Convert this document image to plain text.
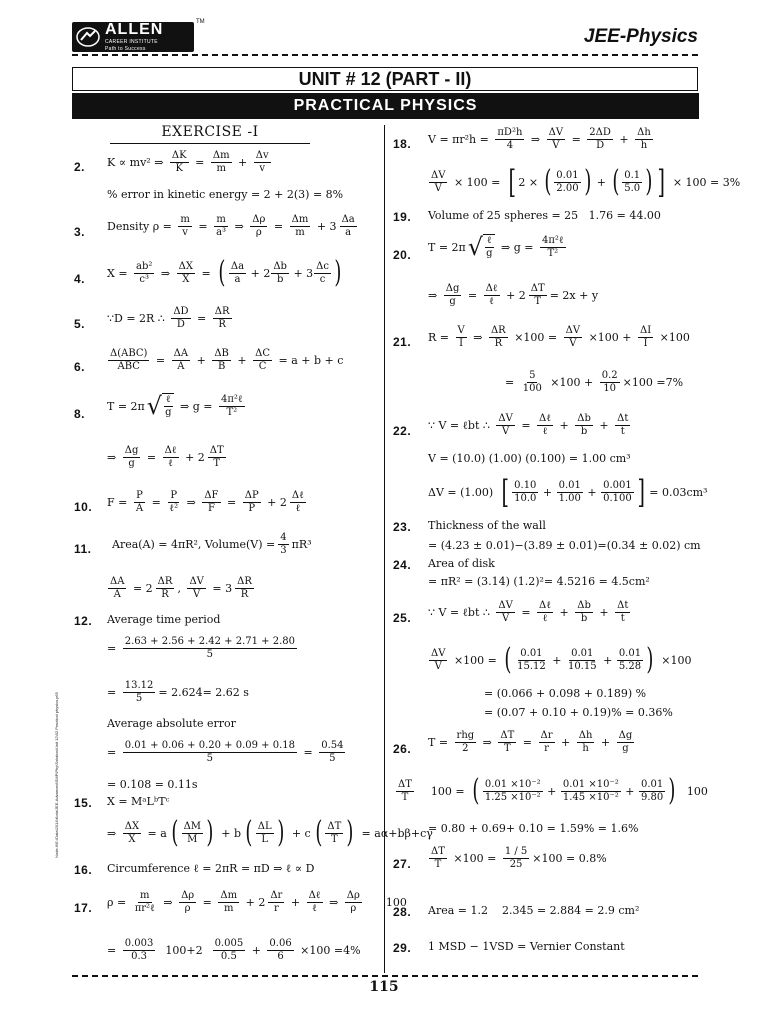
ALLEN
CAREER INSTITUTE
Path to Success
TM
JEE-Physics
UNIT # 12 (PART - II)
PRACTICAL PHYSICS
EXERCISE -I
2. K ∝ mv² ⇒ $\frac{\Delta K}{K} = \frac{\Delta m}{m} + \frac{\Delta v}{v}$
% error in kinetic energy = 2 + 2(3) = 8%
3. Density $\rho = \frac{m}{v} = \frac{m}{\text{a³}}$ ⇒ $\frac{\Delta\rho}{\rho} = \frac{\Delta m}{m} + 3$
Δa
a
4. $X = \frac{\text{ab²}}{\text{c³}}$ ⇒ $\frac{\Delta X}{X}$ =
( Δa
a + 2
Δb
b + 3
Δc
c
)
5. ∵D = 2R ∴ $\frac{\Delta D}{D} = \frac{\Delta R}{R}$
6.
Δ(ABC)
ABC = $\frac{\Delta A}{A} + \frac{\Delta B}{B} + \frac{\Delta C}{C} = a + b + c$
8.
T = 2π √ ℓ
g ⇒ g =
4π²ℓ
T²
⇒ $\frac{\Delta g}{g}$ =
Δℓ
ℓ + 2
ΔT
T
10. $F = \frac{P}{A}$ =
P
ℓ² ⇒ $\frac{\Delta F}{F} = \frac{\Delta P}{P} + 2$
Δℓ
ℓ
11. Area(A) = 4πR², Volume(V) = $\frac{4}{3} \pi R^3$
$\frac{\Delta A}{A} = 2$
ΔR
R , $\frac{\Delta V}{V} = 3$
ΔR
R
12. Average time period
= $\frac{2.63 + 2.56 + 2.42 + 2.71 + 2.80}{5}$
= $\frac{13.12}{5} = 2.624= 2.62$ s
Average absolute error
= $\frac{0.01 + 0.06 + 0.20 + 0.09 + 0.18}{5} = \frac{0.54}{5}$
= 0.108 = 0.11s
15. X = MᵃLᵇTᶜ
⇒ $\frac{\Delta X}{X} = a$
( ΔM
M
) + b
( ΔL
L
) + c
( ΔT
T
) = aα+bβ+cγ
16. Circumference ℓ = 2πR = πD ⇒ ℓ ∝ D
17. ρ =
m
πr²ℓ ⇒ $\frac{\Delta\rho}{\rho} = \frac{\Delta m}{m} + 2$
Δr
r +
Δℓ
ℓ ⇒
Δρ
ρ 100
= $\frac{0.003}{0.3} 100+2$
0.005
$0.5 + \frac{0.06}{6} \times 100 =4\%$
18. $V = \pi r^2h = \frac{\text{πD²h}}{4}$ ⇒ $\frac{\Delta V}{V} = \frac{2\Delta D}{D} + \frac{\Delta h}{h}$
$\frac{\Delta V}{V} \times 100$ =
[ 2 ×
( 0.01
2.00
) +
( 0.1
5.0
)
]	× 100 = 3%
19. Volume of 25 spheres = 25   1.76 = 44.00
20.
T = 2π √ ℓ
g ⇒ g =
4π²ℓ
T²
⇒ $\frac{\Delta g}{g}$ =
Δℓ
ℓ + $2 \frac{\Delta T}{T} = 2x + y$
21. $R = \frac{V}{I}$ ⇒ $\frac{\Delta R}{R} \times 100 = \frac{\Delta V}{V} \times 100 + \frac{\Delta I}{I} \times 100$
= $\frac{5}{100} \times 100 + \frac{0.2}{10} \times 100 =7\%$
22. ∵ V = ℓbt ∴ $\frac{\Delta V}{V}$ =
Δℓ
ℓ + $\frac{\Delta b}{b} + \frac{\Delta t}{t}$
V = (10.0) (1.00) (0.100) = 1.00 cm³
ΔV = (1.00)
[ 0.10
$10.0 + \frac{0.01}{1.00} + \frac{0.001}{0.100}$
] = 0.03cm³
23. Thickness of the wall
= (4.23 ± 0.01)−(3.89 ± 0.01)=(0.34 ± 0.02) cm
24. Area of disk
= πR² = (3.14) (1.2)²= 4.5216 = 4.5cm²
25. ∵ V = ℓbt ∴ $\frac{\Delta V}{V}$ =
Δℓ
ℓ + $\frac{\Delta b}{b} + \frac{\Delta t}{t}$
$\frac{\Delta V}{V} \times 100$ =
( 0.01
$15.12 + \frac{0.01}{10.15} + \frac{0.01}{5.28}$
) ×100
= (0.066 + 0.098 + 0.189) %
= (0.07 + 0.10 + 0.19)% = 0.36%
26. T =
rhg
2 ⇒ $\frac{\Delta T}{T} = \frac{\Delta r}{r} + \frac{\Delta h}{h} + \frac{\Delta g}{g}$
ΔT
T 100 =
( 0.01 ×10⁻²
$1.25 \times 10^{-2} + \frac{\text{0.01 ×10⁻²}}{\text{1.45 ×10⁻²}} + \frac{0.01}{9.80}$
) 100
= 0.80 + 0.69+ 0.10 = 1.59% = 1.6%
27. $\frac{\Delta T}{T} \times 100 = \frac{1 / 5}{25} \times 100 = 0.8\%$
28. Area = 1.2    2.345 = 2.884 = 2.9 cm²
29. 1 MSD − 1VSD = Vernier Constant
Node-6\E:\Data\2014\Kota\JEE-Advanced\SMP\Phy\Solution\Unit 12\02 Practical physics.p65
115
